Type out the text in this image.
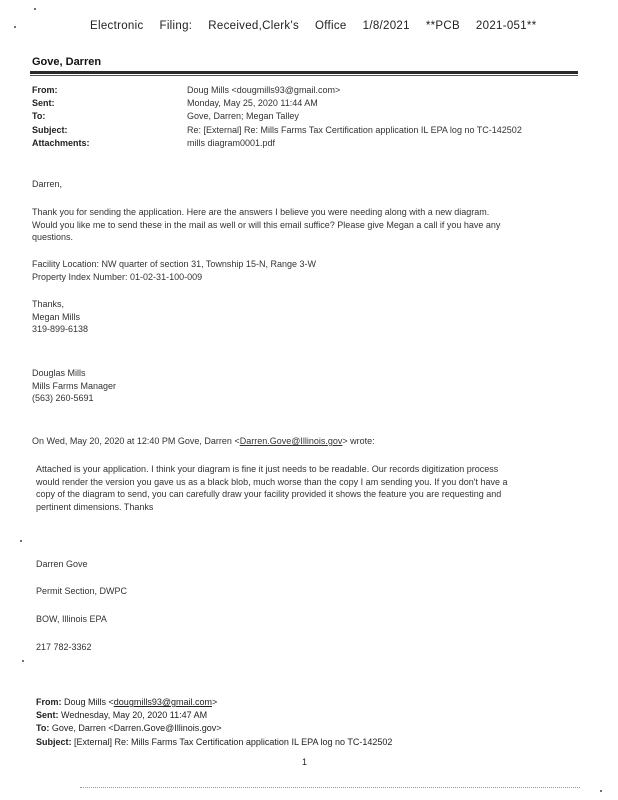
Electronic Filing: Received,Clerk's Office 1/8/2021 **PCB 2021-051**
Gove, Darren
From:	Doug Mills <dougmills93@gmail.com>
Sent:	Monday, May 25, 2020 11:44 AM
To:	Gove, Darren; Megan Talley
Subject:	Re: [External] Re: Mills Farms Tax Certification application IL EPA log no TC-142502
Attachments:	mills diagram0001.pdf
Darren,
Thank you for sending the application. Here are the answers I believe you were needing along with a new diagram.
Would you like me to send these in the mail as well or will this email suffice? Please give Megan a call if you have any
questions.
Facility Location: NW quarter of section 31, Township 15-N, Range 3-W
Property Index Number: 01-02-31-100-009
Thanks,
Megan Mills
319-899-6138
Douglas Mills
Mills Farms Manager
(563) 260-5691
On Wed, May 20, 2020 at 12:40 PM Gove, Darren <Darren.Gove@Illinois.gov> wrote:
Attached is your application. I think your diagram is fine it just needs to be readable. Our records digitization process
would render the version you gave us as a black blob, much worse than the copy I am sending you. If you don't have a
copy of the diagram to send, you can carefully draw your facility provided it shows the feature you are requesting and
pertinent dimensions. Thanks
Darren Gove
Permit Section, DWPC
BOW, Illinois EPA
217 782-3362
From: Doug Mills <dougmills93@gmail.com>
Sent: Wednesday, May 20, 2020 11:47 AM
To: Gove, Darren <Darren.Gove@Illinois.gov>
Subject: [External] Re: Mills Farms Tax Certification application IL EPA log no TC-142502
1
